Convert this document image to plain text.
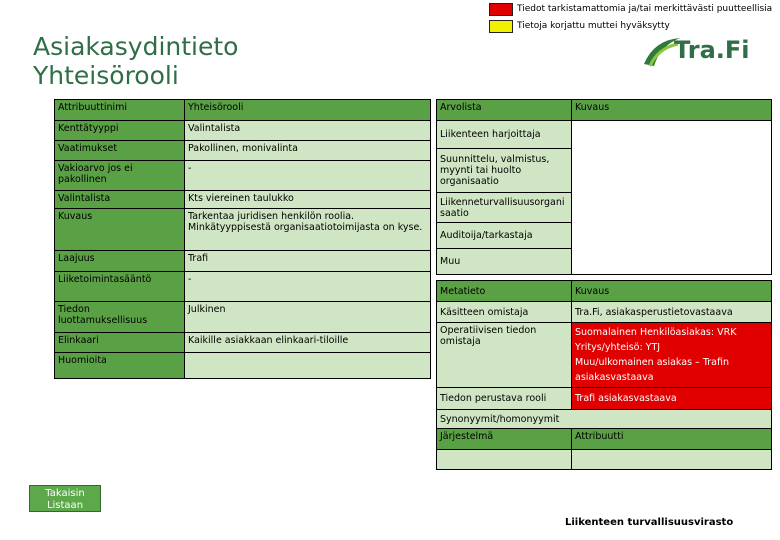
Tiedot tarkistamattomia ja/tai merkittävästi puutteellisia
Tietoja korjattu muttei hyväksytty
Asiakasydintieto
Yhteisörooli
Tra.Fi
Attribuuttinimi	Yhteisörooli
Kenttätyyppi	Valintalista
Vaatimukset	Pakollinen, monivalinta
Vakioarvo jos ei pakollinen	-
Valintalista	Kts viereinen taulukko
Kuvaus	Tarkentaa juridisen henkilön roolia. Minkätyyppisestä organisaatiotoimijasta on kyse.
Laajuus	Trafi
Liiketoimintasääntö	-
Tiedon luottamuksellisuus	Julkinen
Elinkaari	Kaikille asiakkaan elinkaari-tiloille
Huomioita	
Arvolista	Kuvaus
Liikenteen harjoittaja	
Suunnittelu, valmistus, myynti tai huolto organisaatio	
Liikenneturvallisuusorganisaatio	
Auditoija/tarkastaja	
Muu	
Metatieto	Kuvaus
Käsitteen omistaja	Tra.Fi, asiakasperustietovastaava
Operatiivisen tiedon omistaja	Suomalainen Henkilöasiakas: VRK
Yritys/yhteisö: YTJ
Muu/ulkomainen asiakas – Trafin asiakasvastaava
Tiedon perustava rooli	Trafi asiakasvastaava
Synonyymit/homonyymit	
Järjestelmä	Attribuutti

Takaisin Listaan
Liikenteen turvallisuusvirasto
